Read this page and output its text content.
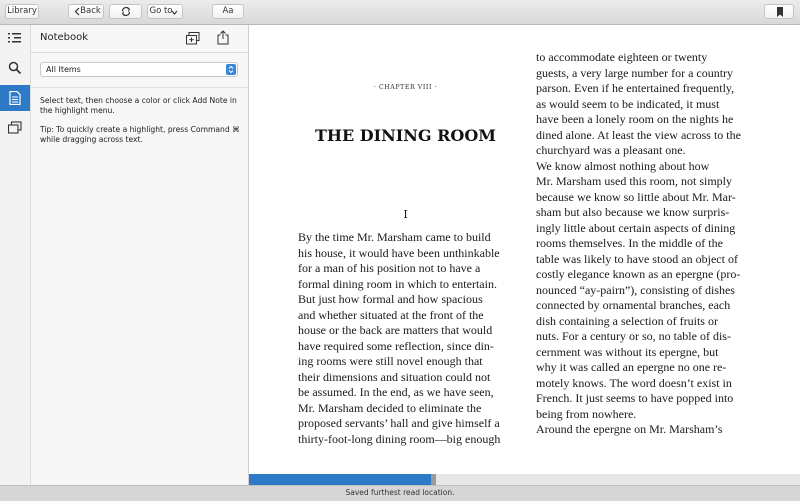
Library	Back	Go to	Aa
Notebook
All Items
Select text, then choose a color or click Add Note in the highlight menu.
Tip: To quickly create a highlight, press Command ⌘ while dragging across text.
· CHAPTER VIII ·
THE DINING ROOM
I
By the time Mr. Marsham came to build
his house, it would have been unthinkable
for a man of his position not to have a
formal dining room in which to entertain.
But just how formal and how spacious
and whether situated at the front of the
house or the back are matters that would
have required some reflection, since din-
ing rooms were still novel enough that
their dimensions and situation could not
be assumed. In the end, as we have seen,
Mr. Marsham decided to eliminate the
proposed servants’ hall and give himself a
thirty-foot-long dining room—big enough
to accommodate eighteen or twenty
guests, a very large number for a country
parson. Even if he entertained frequently,
as would seem to be indicated, it must
have been a lonely room on the nights he
dined alone. At least the view across to the
churchyard was a pleasant one.
We know almost nothing about how
Mr. Marsham used this room, not simply
because we know so little about Mr. Mar-
sham but also because we know surpris-
ingly little about certain aspects of dining
rooms themselves. In the middle of the
table was likely to have stood an object of
costly elegance known as an epergne (pro-
nounced “ay-pairn”), consisting of dishes
connected by ornamental branches, each
dish containing a selection of fruits or
nuts. For a century or so, no table of dis-
cernment was without its epergne, but
why it was called an epergne no one re-
motely knows. The word doesn’t exist in
French. It just seems to have popped into
being from nowhere.
Around the epergne on Mr. Marsham’s
Saved furthest read location.
